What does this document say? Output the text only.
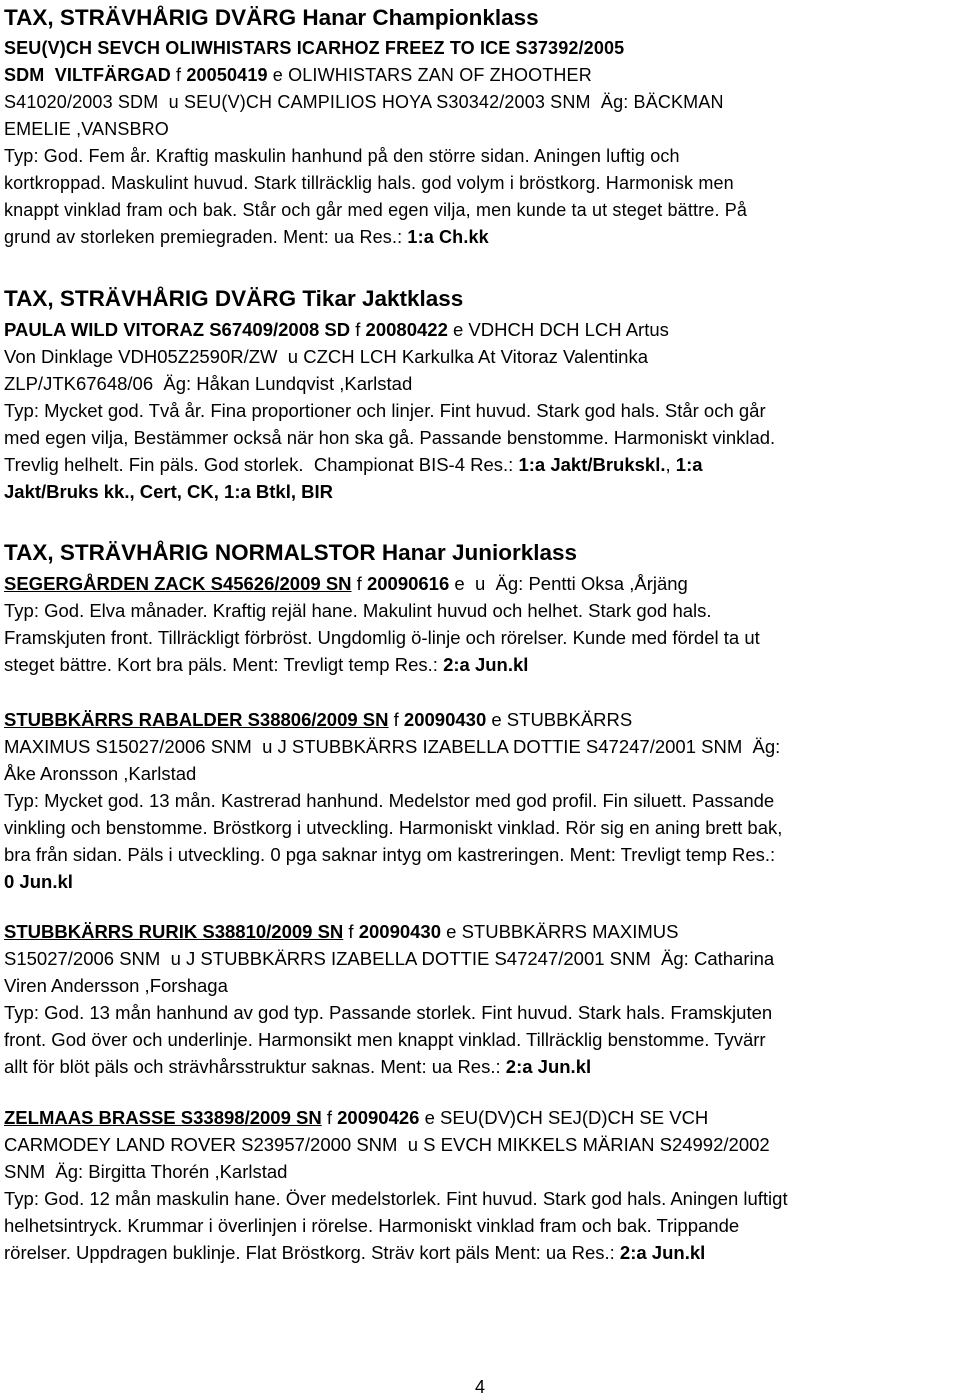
TAX, STRÄVHÅRIG DVÄRG Hanar Championklass
SEU(V)CH SEVCH OLIWHISTARS ICARHOZ FREEZ TO ICE S37392/2005
SDM  VILTFÄRGAD f 20050419 e OLIWHISTARS ZAN OF ZHOOTHER
S41020/2003 SDM  u SEU(V)CH CAMPILIOS HOYA S30342/2003 SNM  Äg: BÄCKMAN
EMELIE ,VANSBRO
Typ: God. Fem år. Kraftig maskulin hanhund på den större sidan. Aningen luftig och
kortkroppad. Maskulint huvud. Stark tillräcklig hals. god volym i bröstkorg. Harmonisk men
knappt vinklad fram och bak. Står och går med egen vilja, men kunde ta ut steget bättre. På
grund av storleken premiegraden. Ment: ua Res.: 1:a Ch.kk
TAX, STRÄVHÅRIG DVÄRG Tikar Jaktklass
PAULA WILD VITORAZ S67409/2008 SD f 20080422 e VDHCH DCH LCH Artus
Von Dinklage VDH05Z2590R/ZW  u CZCH LCH Karkulka At Vitoraz Valentinka
ZLP/JTK67648/06  Äg: Håkan Lundqvist ,Karlstad
Typ: Mycket god. Två år. Fina proportioner och linjer. Fint huvud. Stark god hals. Står och går
med egen vilja, Bestämmer också när hon ska gå. Passande benstomme. Harmoniskt vinklad.
Trevlig helhelt. Fin päls. God storlek.  Championat BIS-4 Res.: 1:a Jakt/Brukskl., 1:a
Jakt/Bruks kk., Cert, CK, 1:a Btkl, BIR
TAX, STRÄVHÅRIG NORMALSTOR Hanar Juniorklass
SEGERGÅRDEN ZACK S45626/2009 SN f 20090616 e  u  Äg: Pentti Oksa ,Årjäng
Typ: God. Elva månader. Kraftig rejäl hane. Makulint huvud och helhet. Stark god hals.
Framskjuten front. Tillräckligt förbröst. Ungdomlig ö-linje och rörelser. Kunde med fördel ta ut
steget bättre. Kort bra päls. Ment: Trevligt temp Res.: 2:a Jun.kl
STUBBKÄRRS RABALDER S38806/2009 SN f 20090430 e STUBBKÄRRS
MAXIMUS S15027/2006 SNM  u J STUBBKÄRRS IZABELLA DOTTIE S47247/2001 SNM  Äg:
Åke Aronsson ,Karlstad
Typ: Mycket god. 13 mån. Kastrerad hanhund. Medelstor med god profil. Fin siluett. Passande
vinkling och benstomme. Bröstkorg i utveckling. Harmoniskt vinklad. Rör sig en aning brett bak,
bra från sidan. Päls i utveckling. 0 pga saknar intyg om kastreringen. Ment: Trevligt temp Res.:
0 Jun.kl
STUBBKÄRRS RURIK S38810/2009 SN f 20090430 e STUBBKÄRRS MAXIMUS
S15027/2006 SNM  u J STUBBKÄRRS IZABELLA DOTTIE S47247/2001 SNM  Äg: Catharina
Viren Andersson ,Forshaga
Typ: God. 13 mån hanhund av god typ. Passande storlek. Fint huvud. Stark hals. Framskjuten
front. God över och underlinje. Harmonsikt men knappt vinklad. Tillräcklig benstomme. Tyvärr
allt för blöt päls och strävhårsstruktur saknas. Ment: ua Res.: 2:a Jun.kl
ZELMAAS BRASSE S33898/2009 SN f 20090426 e SEU(DV)CH SEJ(D)CH SE VCH
CARMODEY LAND ROVER S23957/2000 SNM  u S EVCH MIKKELS MÄRIAN S24992/2002
SNM  Äg: Birgitta Thorén ,Karlstad
Typ: God. 12 mån maskulin hane. Över medelstorlek. Fint huvud. Stark god hals. Aningen luftigt
helhetsintryck. Krummar i överlinjen i rörelse. Harmoniskt vinklad fram och bak. Trippande
rörelser. Uppdragen buklinje. Flat Bröstkorg. Sträv kort päls Ment: ua Res.: 2:a Jun.kl
4
